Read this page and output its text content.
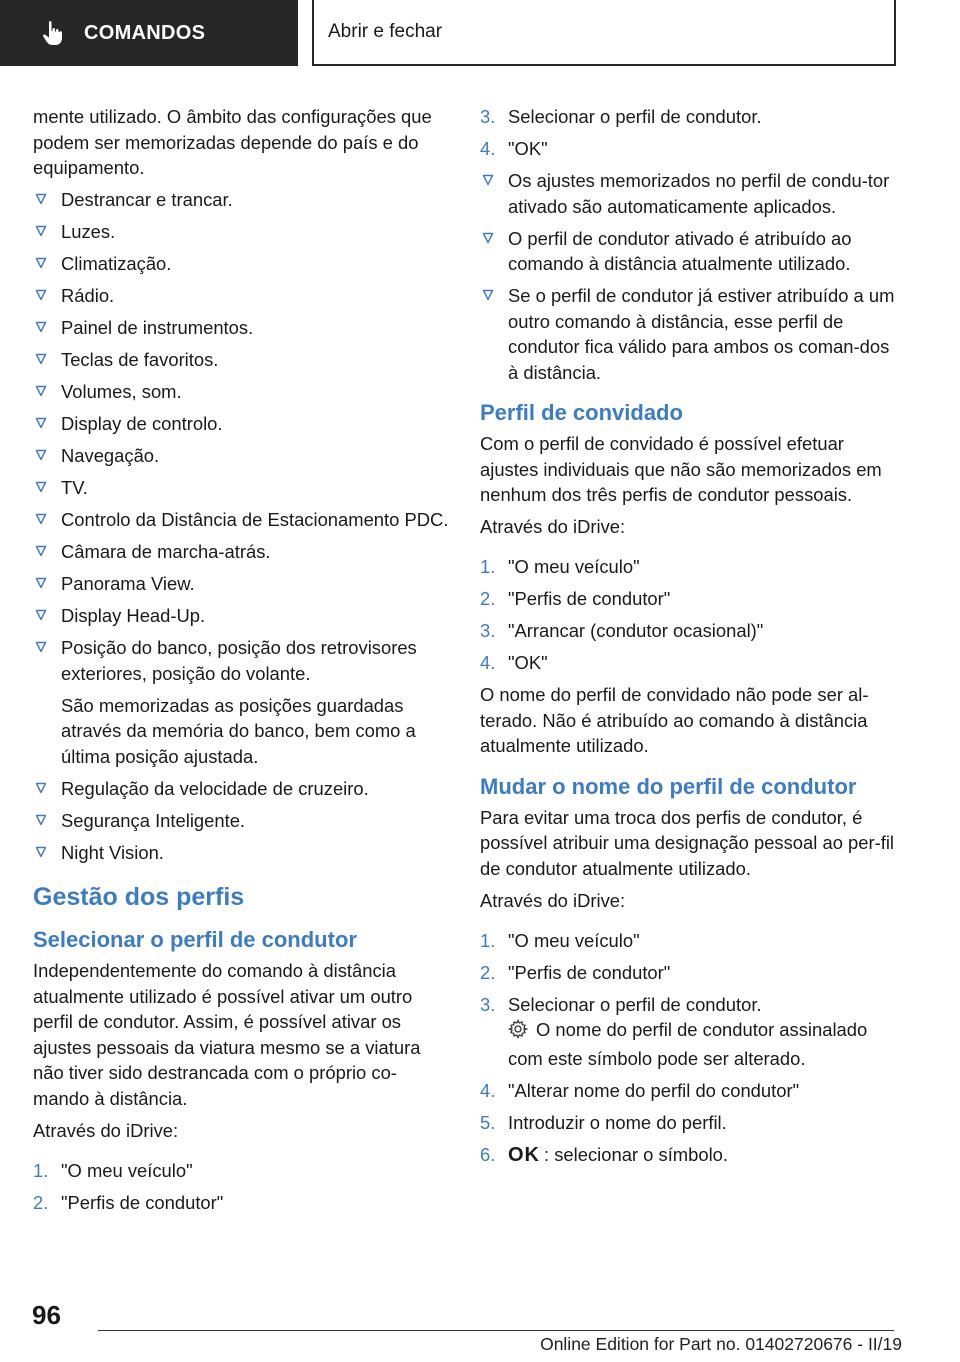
COMANDOS	Abrir e fechar
mente utilizado. O âmbito das configurações que podem ser memorizadas depende do país e do equipamento.
Destrancar e trancar.
Luzes.
Climatização.
Rádio.
Painel de instrumentos.
Teclas de favoritos.
Volumes, som.
Display de controlo.
Navegação.
TV.
Controlo da Distância de Estacionamento PDC.
Câmara de marcha-atrás.
Panorama View.
Display Head-Up.
Posição do banco, posição dos retrovisores exteriores, posição do volante.
São memorizadas as posições guardadas através da memória do banco, bem como a última posição ajustada.
Regulação da velocidade de cruzeiro.
Segurança Inteligente.
Night Vision.
Gestão dos perfis
Selecionar o perfil de condutor
Independentemente do comando à distância atualmente utilizado é possível ativar um outro perfil de condutor. Assim, é possível ativar os ajustes pessoais da viatura mesmo se a viatura não tiver sido destrancada com o próprio co-mando à distância.
Através do iDrive:
1. "O meu veículo"
2. "Perfis de condutor"
3. Selecionar o perfil de condutor.
4. "OK"
Os ajustes memorizados no perfil de condu-tor ativado são automaticamente aplicados.
O perfil de condutor ativado é atribuído ao comando à distância atualmente utilizado.
Se o perfil de condutor já estiver atribuído a um outro comando à distância, esse perfil de condutor fica válido para ambos os coman-dos à distância.
Perfil de convidado
Com o perfil de convidado é possível efetuar ajustes individuais que não são memorizados em nenhum dos três perfis de condutor pessoais.
Através do iDrive:
1. "O meu veículo"
2. "Perfis de condutor"
3. "Arrancar (condutor ocasional)"
4. "OK"
O nome do perfil de convidado não pode ser al-terado. Não é atribuído ao comando à distância atualmente utilizado.
Mudar o nome do perfil de condutor
Para evitar uma troca dos perfis de condutor, é possível atribuir uma designação pessoal ao per-fil de condutor atualmente utilizado.
Através do iDrive:
1. "O meu veículo"
2. "Perfis de condutor"
3. Selecionar o perfil de condutor.
O nome do perfil de condutor assinalado com este símbolo pode ser alterado.
4. "Alterar nome do perfil do condutor"
5. Introduzir o nome do perfil.
6. OK : selecionar o símbolo.
96
Online Edition for Part no. 01402720676 - II/19
